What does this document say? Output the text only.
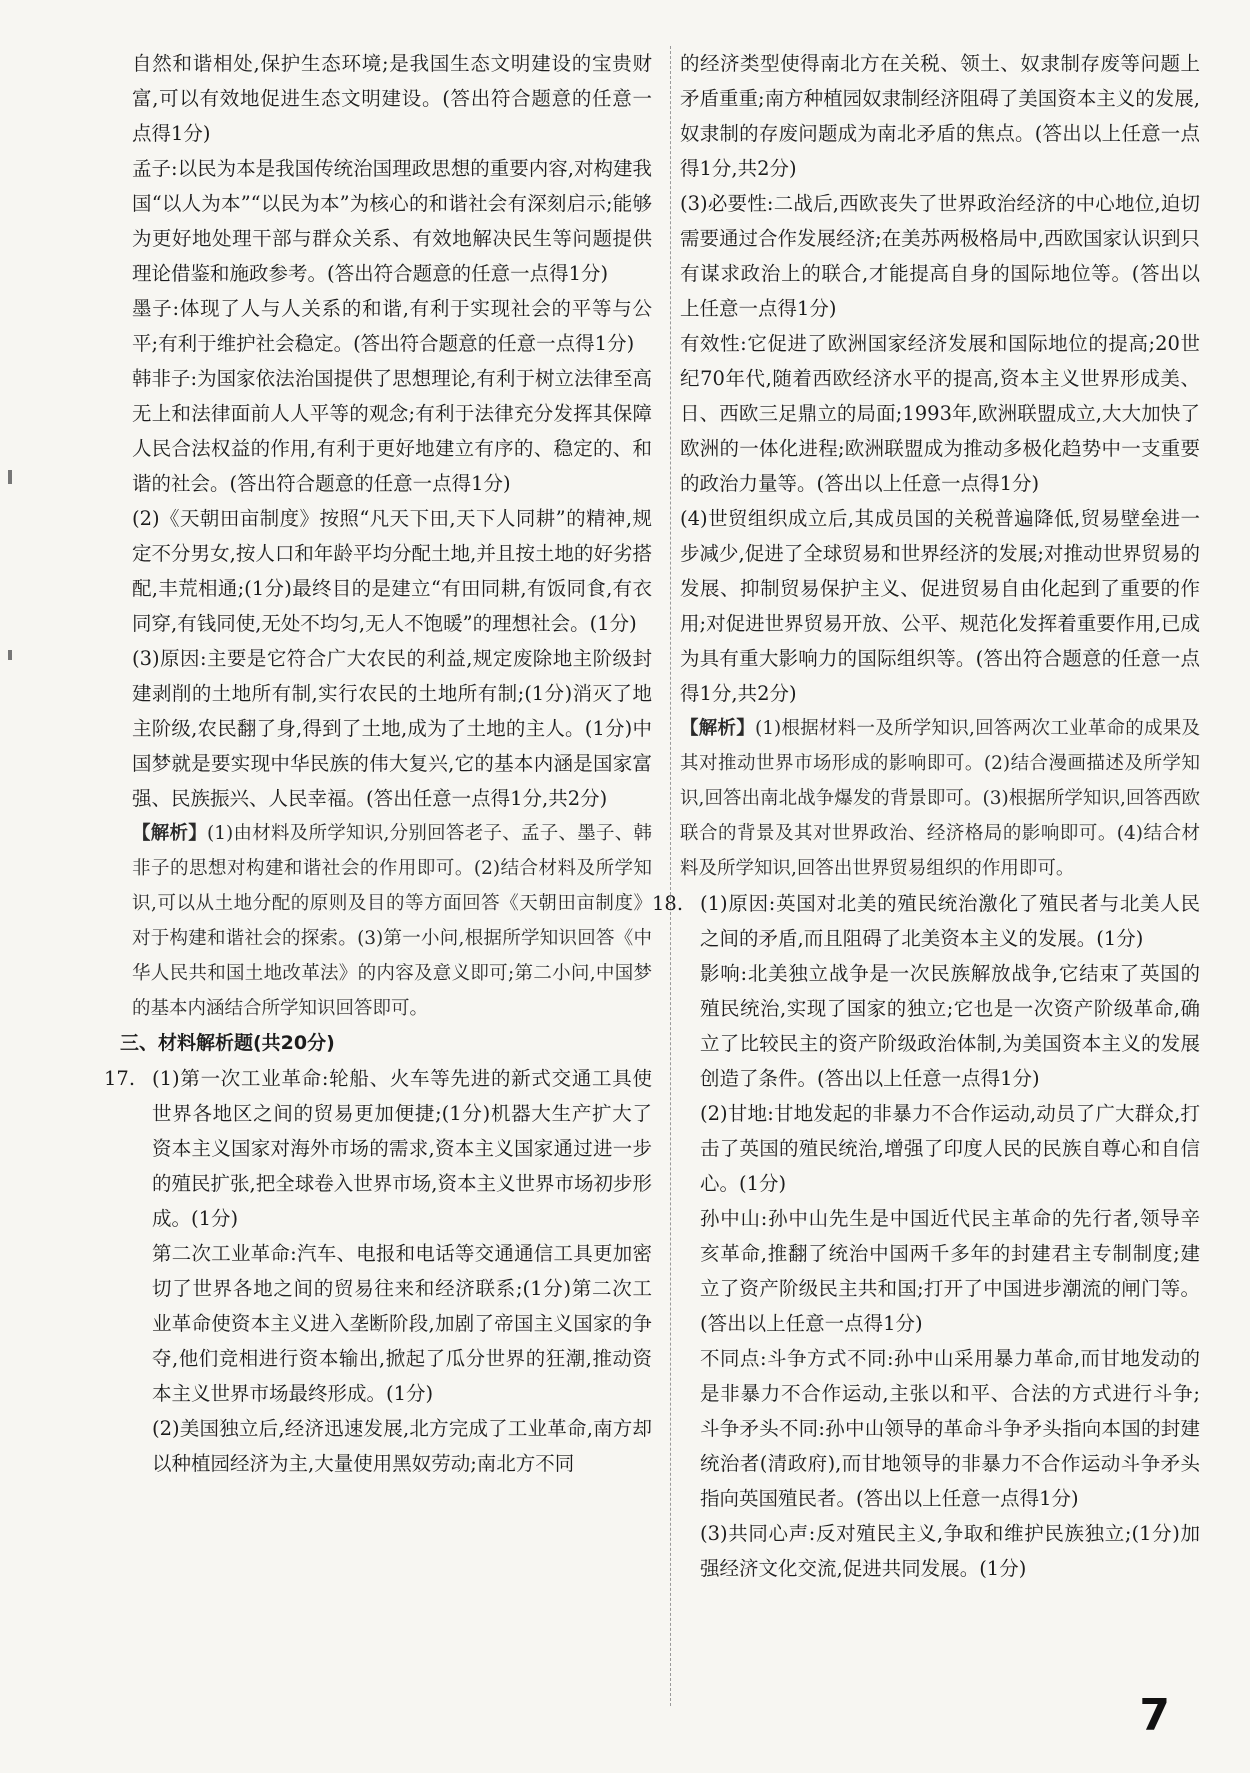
自然和谐相处,保护生态环境;是我国生态文明建设的宝贵财富,可以有效地促进生态文明建设。(答出符合题意的任意一点得1分)
孟子:以民为本是我国传统治国理政思想的重要内容,对构建我国“以人为本”“以民为本”为核心的和谐社会有深刻启示;能够为更好地处理干部与群众关系、有效地解决民生等问题提供理论借鉴和施政参考。(答出符合题意的任意一点得1分)
墨子:体现了人与人关系的和谐,有利于实现社会的平等与公平;有利于维护社会稳定。(答出符合题意的任意一点得1分)
韩非子:为国家依法治国提供了思想理论,有利于树立法律至高无上和法律面前人人平等的观念;有利于法律充分发挥其保障人民合法权益的作用,有利于更好地建立有序的、稳定的、和谐的社会。(答出符合题意的任意一点得1分)
(2)《天朝田亩制度》按照“凡天下田,天下人同耕”的精神,规定不分男女,按人口和年龄平均分配土地,并且按土地的好劣搭配,丰荒相通;(1分)最终目的是建立“有田同耕,有饭同食,有衣同穿,有钱同使,无处不均匀,无人不饱暖”的理想社会。(1分)
(3)原因:主要是它符合广大农民的利益,规定废除地主阶级封建剥削的土地所有制,实行农民的土地所有制;(1分)消灭了地主阶级,农民翻了身,得到了土地,成为了土地的主人。(1分)中国梦就是要实现中华民族的伟大复兴,它的基本内涵是国家富强、民族振兴、人民幸福。(答出任意一点得1分,共2分)
【解析】(1)由材料及所学知识,分别回答老子、孟子、墨子、韩非子的思想对构建和谐社会的作用即可。(2)结合材料及所学知识,可以从土地分配的原则及目的等方面回答《天朝田亩制度》对于构建和谐社会的探索。(3)第一小问,根据所学知识回答《中华人民共和国土地改革法》的内容及意义即可;第二小问,中国梦的基本内涵结合所学知识回答即可。
三、材料解析题(共20分)
17. (1)第一次工业革命:轮船、火车等先进的新式交通工具使世界各地区之间的贸易更加便捷;(1分)机器大生产扩大了资本主义国家对海外市场的需求,资本主义国家通过进一步的殖民扩张,把全球卷入世界市场,资本主义世界市场初步形成。(1分)
第二次工业革命:汽车、电报和电话等交通通信工具更加密切了世界各地之间的贸易往来和经济联系;(1分)第二次工业革命使资本主义进入垄断阶段,加剧了帝国主义国家的争夺,他们竞相进行资本输出,掀起了瓜分世界的狂潮,推动资本主义世界市场最终形成。(1分)
(2)美国独立后,经济迅速发展,北方完成了工业革命,南方却以种植园经济为主,大量使用黑奴劳动;南北方不同
的经济类型使得南北方在关税、领土、奴隶制存废等问题上矛盾重重;南方种植园奴隶制经济阻碍了美国资本主义的发展,奴隶制的存废问题成为南北矛盾的焦点。(答出以上任意一点得1分,共2分)
(3)必要性:二战后,西欧丧失了世界政治经济的中心地位,迫切需要通过合作发展经济;在美苏两极格局中,西欧国家认识到只有谋求政治上的联合,才能提高自身的国际地位等。(答出以上任意一点得1分)
有效性:它促进了欧洲国家经济发展和国际地位的提高;20世纪70年代,随着西欧经济水平的提高,资本主义世界形成美、日、西欧三足鼎立的局面;1993年,欧洲联盟成立,大大加快了欧洲的一体化进程;欧洲联盟成为推动多极化趋势中一支重要的政治力量等。(答出以上任意一点得1分)
(4)世贸组织成立后,其成员国的关税普遍降低,贸易壁垒进一步减少,促进了全球贸易和世界经济的发展;对推动世界贸易的发展、抑制贸易保护主义、促进贸易自由化起到了重要的作用;对促进世界贸易开放、公平、规范化发挥着重要作用,已成为具有重大影响力的国际组织等。(答出符合题意的任意一点得1分,共2分)
【解析】(1)根据材料一及所学知识,回答两次工业革命的成果及其对推动世界市场形成的影响即可。(2)结合漫画描述及所学知识,回答出南北战争爆发的背景即可。(3)根据所学知识,回答西欧联合的背景及其对世界政治、经济格局的影响即可。(4)结合材料及所学知识,回答出世界贸易组织的作用即可。
18. (1)原因:英国对北美的殖民统治激化了殖民者与北美人民之间的矛盾,而且阻碍了北美资本主义的发展。(1分)
影响:北美独立战争是一次民族解放战争,它结束了英国的殖民统治,实现了国家的独立;它也是一次资产阶级革命,确立了比较民主的资产阶级政治体制,为美国资本主义的发展创造了条件。(答出以上任意一点得1分)
(2)甘地:甘地发起的非暴力不合作运动,动员了广大群众,打击了英国的殖民统治,增强了印度人民的民族自尊心和自信心。(1分)
孙中山:孙中山先生是中国近代民主革命的先行者,领导辛亥革命,推翻了统治中国两千多年的封建君主专制制度;建立了资产阶级民主共和国;打开了中国进步潮流的闸门等。(答出以上任意一点得1分)
不同点:斗争方式不同:孙中山采用暴力革命,而甘地发动的是非暴力不合作运动,主张以和平、合法的方式进行斗争;斗争矛头不同:孙中山领导的革命斗争矛头指向本国的封建统治者(清政府),而甘地领导的非暴力不合作运动斗争矛头指向英国殖民者。(答出以上任意一点得1分)
(3)共同心声:反对殖民主义,争取和维护民族独立;(1分)加强经济文化交流,促进共同发展。(1分)
7
